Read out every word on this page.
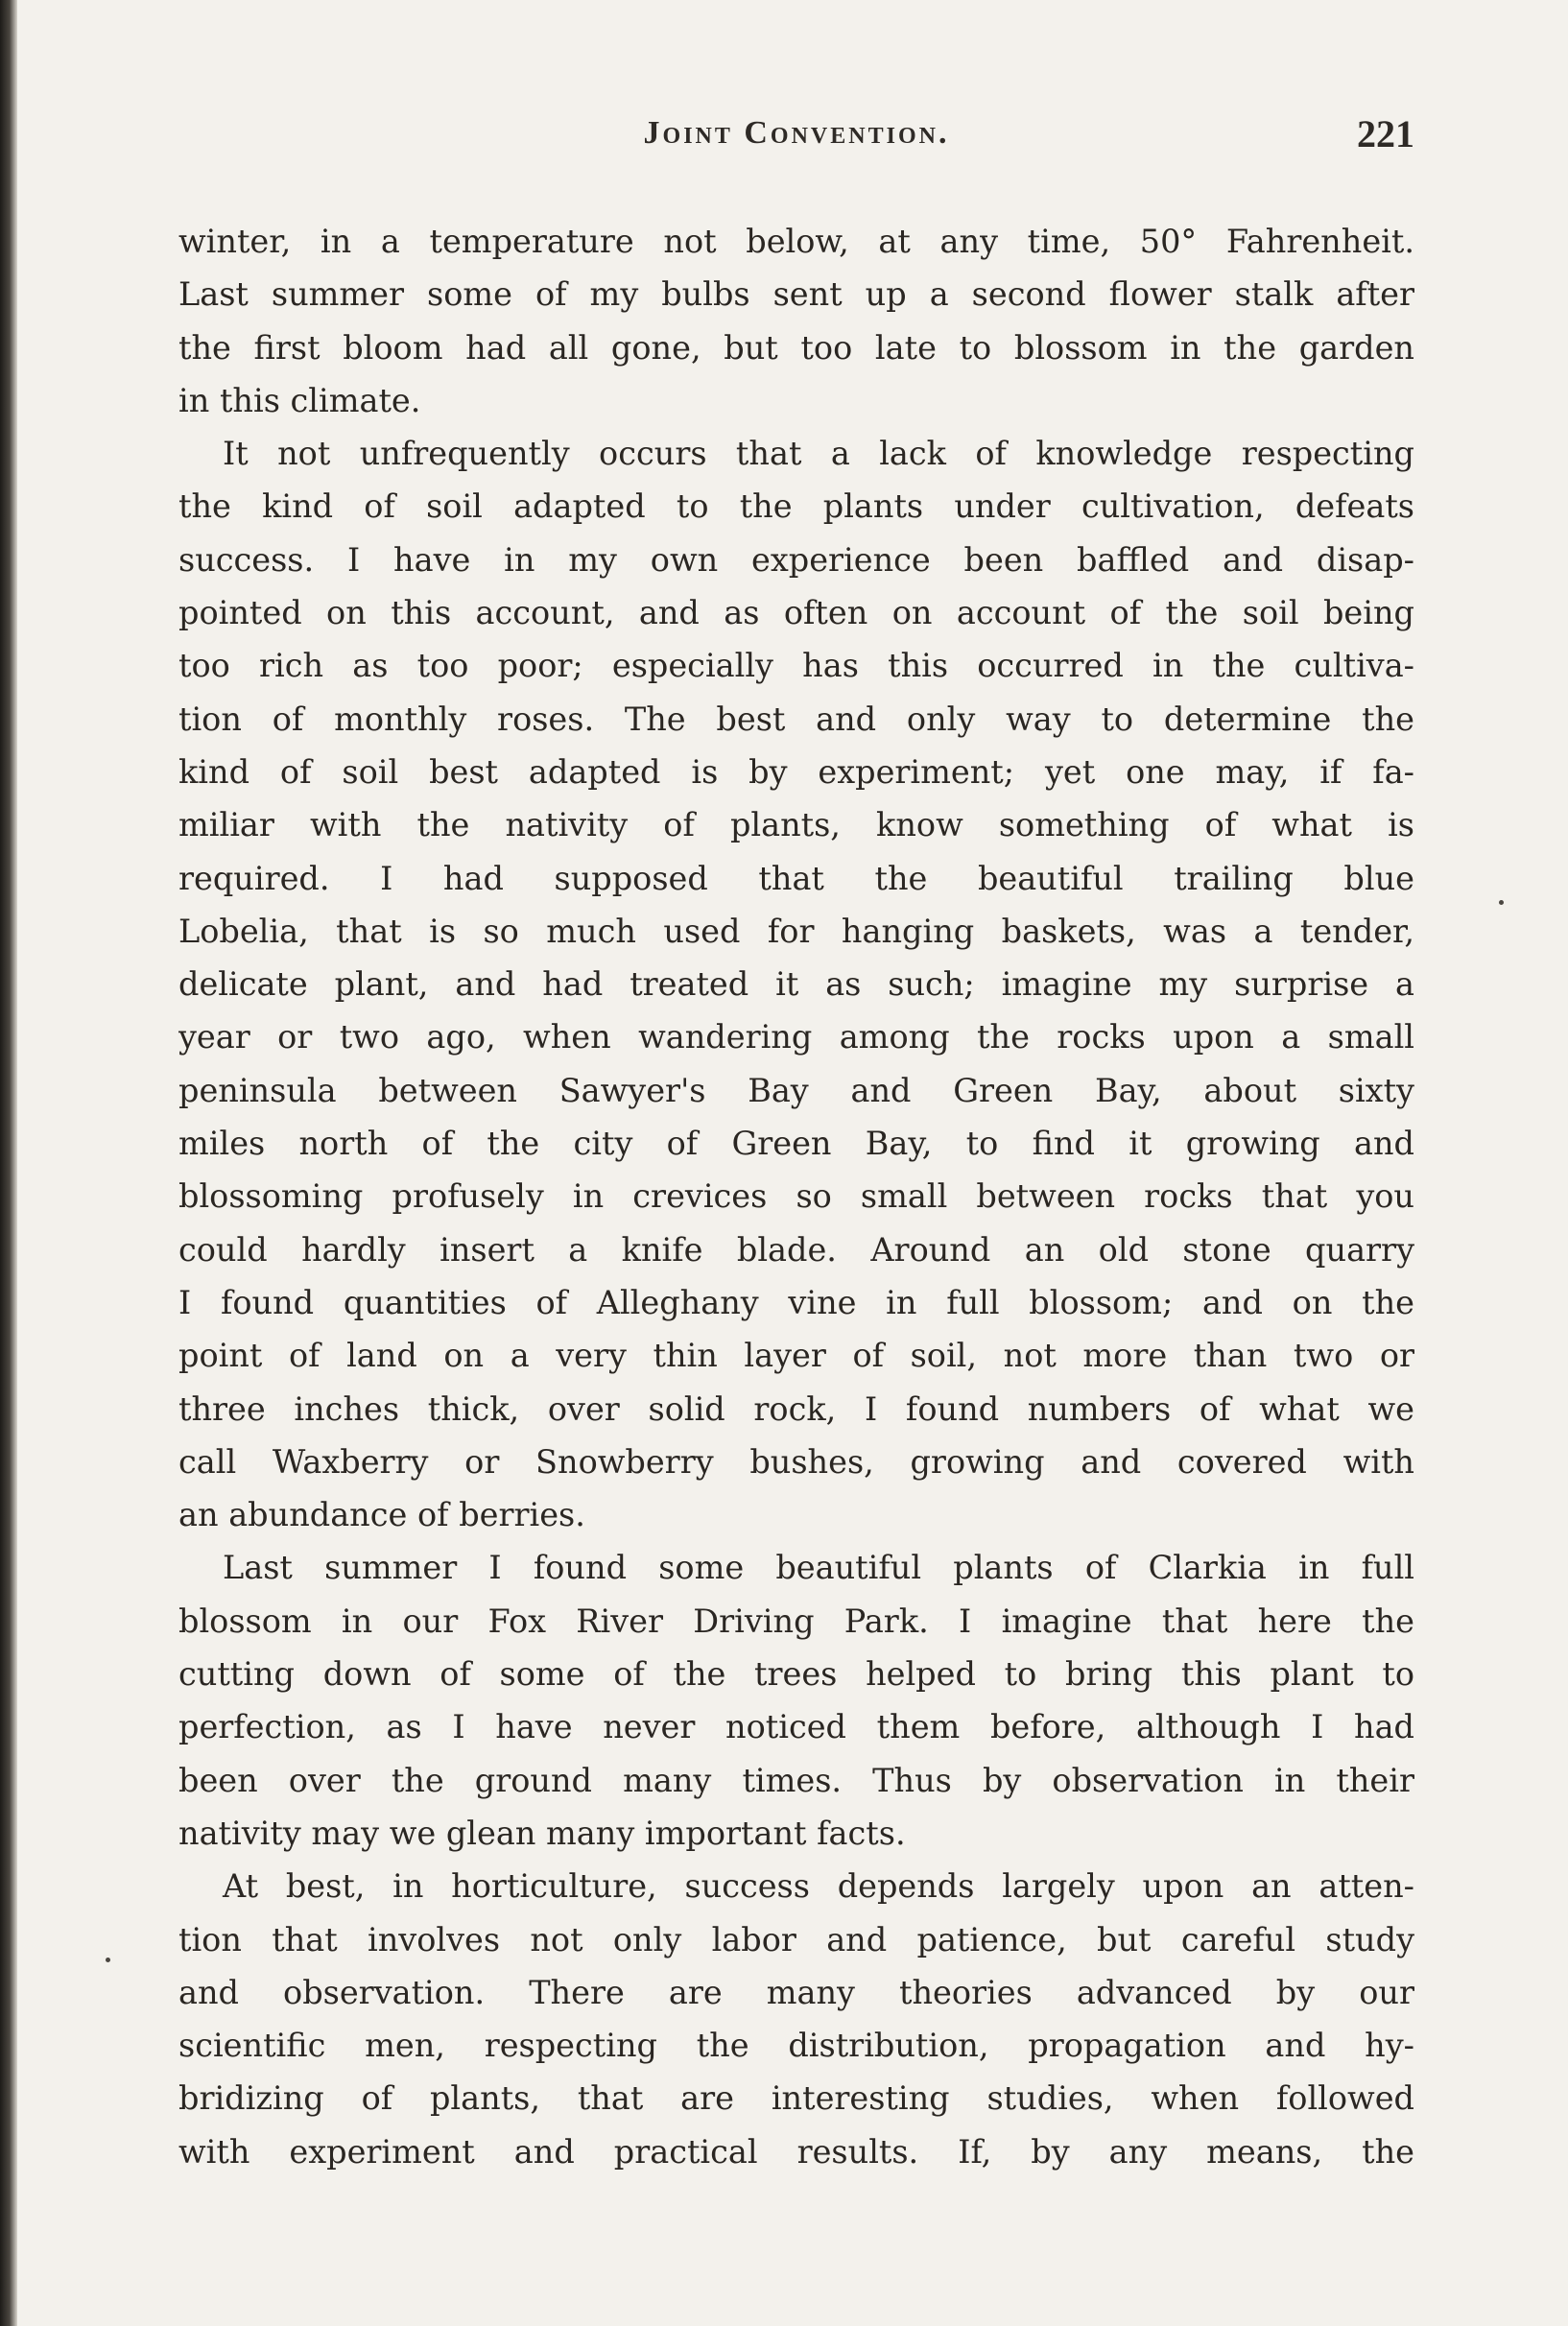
Joint Convention.	221
winter, in a temperature not below, at any time, 50° Fahrenheit.
Last summer some of my bulbs sent up a second flower stalk after
the first bloom had all gone, but too late to blossom in the garden
in this climate.
It not unfrequently occurs that a lack of knowledge respecting
the kind of soil adapted to the plants under cultivation, defeats
success. I have in my own experience been baffled and disap-
pointed on this account, and as often on account of the soil being
too rich as too poor; especially has this occurred in the cultiva-
tion of monthly roses. The best and only way to determine the
kind of soil best adapted is by experiment; yet one may, if fa-
miliar with the nativity of plants, know something of what is
required. I had supposed that the beautiful trailing blue
Lobelia, that is so much used for hanging baskets, was a tender,
delicate plant, and had treated it as such; imagine my surprise a
year or two ago, when wandering among the rocks upon a small
peninsula between Sawyer's Bay and Green Bay, about sixty
miles north of the city of Green Bay, to find it growing and
blossoming profusely in crevices so small between rocks that you
could hardly insert a knife blade. Around an old stone quarry
I found quantities of Alleghany vine in full blossom; and on the
point of land on a very thin layer of soil, not more than two or
three inches thick, over solid rock, I found numbers of what we
call Waxberry or Snowberry bushes, growing and covered with
an abundance of berries.
Last summer I found some beautiful plants of Clarkia in full
blossom in our Fox River Driving Park. I imagine that here the
cutting down of some of the trees helped to bring this plant to
perfection, as I have never noticed them before, although I had
been over the ground many times. Thus by observation in their
nativity may we glean many important facts.
At best, in horticulture, success depends largely upon an atten-
tion that involves not only labor and patience, but careful study
and observation. There are many theories advanced by our
scientific men, respecting the distribution, propagation and hy-
bridizing of plants, that are interesting studies, when followed
with experiment and practical results. If, by any means, the
